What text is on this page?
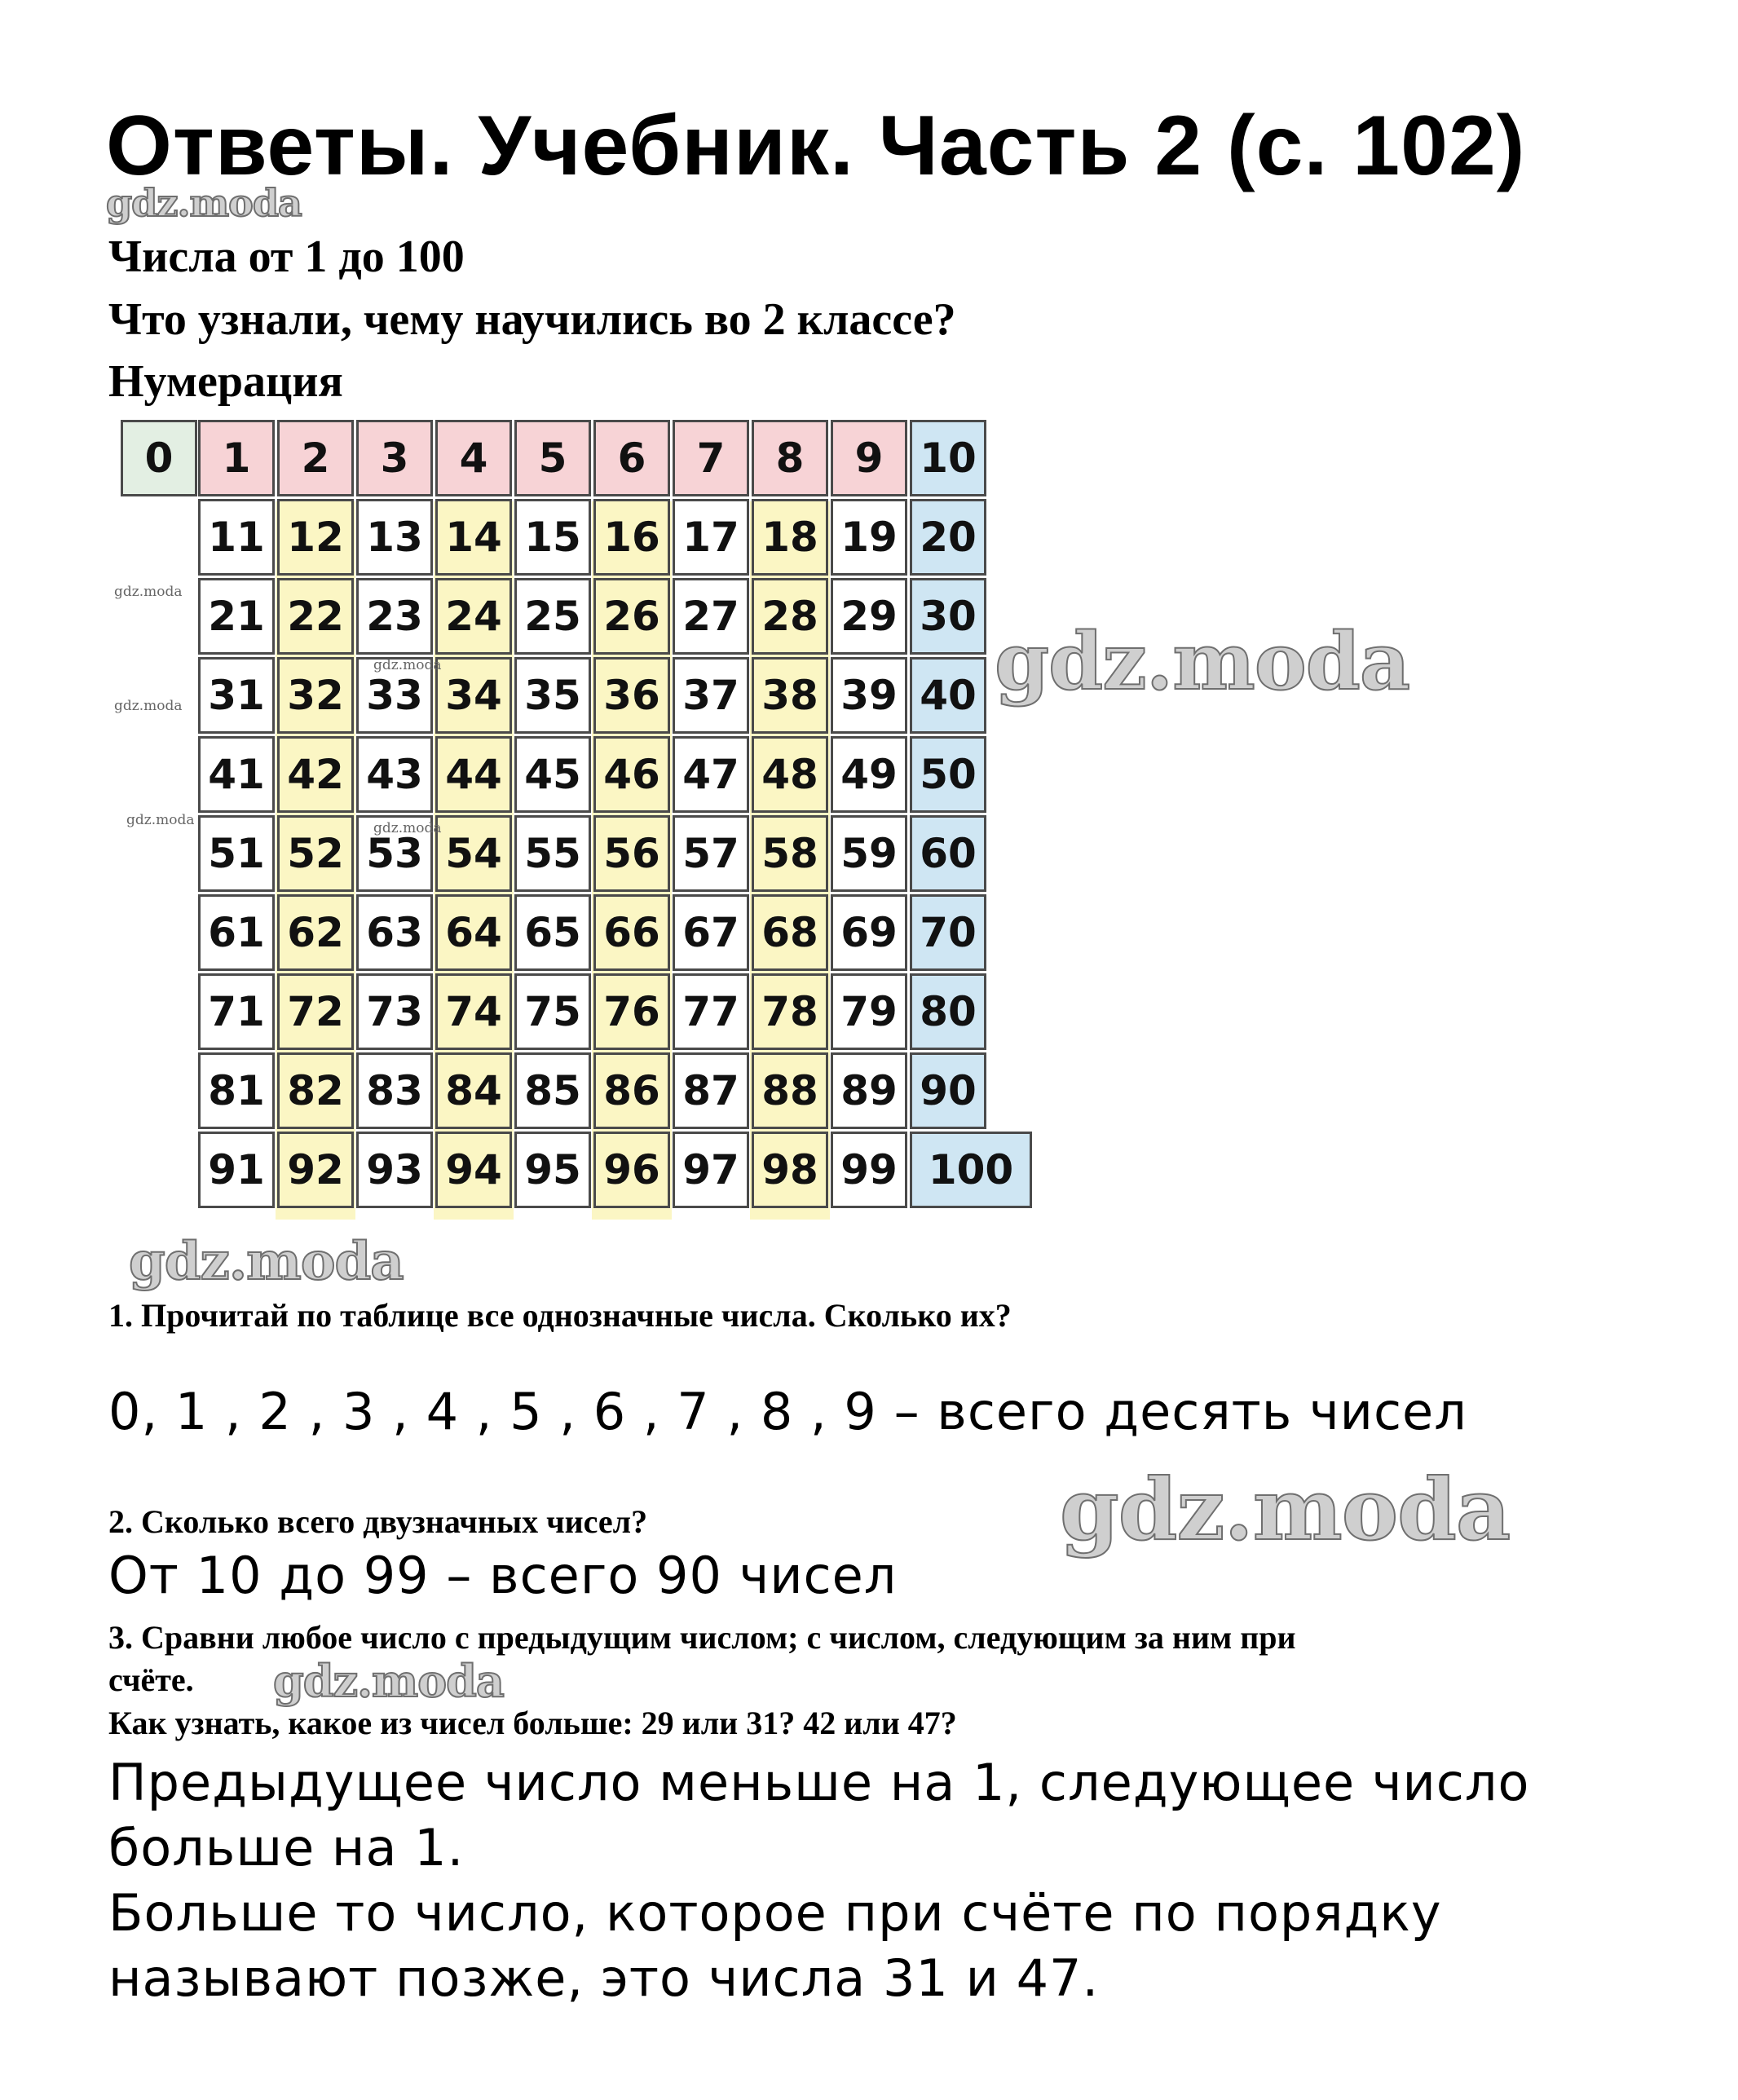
Ответы. Учебник. Часть 2 (с. 102)
gdz.moda
Числа от 1 до 100
Что узнали, чему научились во 2 классе?
Нумерация
0	1	2	3	4	5	6	7	8	9 10
11 12 13 14 15 16 17 18 19 20
21 22 23 24 25 26 27 28 29 30
31 32 33 34 35 36 37 38 39 40
41 42 43 44 45 46 47 48 49 50
51 52 53 54 55 56 57 58 59 60
61 62 63 64 65 66 67 68 69 70
71 72 73 74 75 76 77 78 79 80
81 82 83 84 85 86 87 88 89 90
91 92 93 94 95 96 97 98 99 100
gdz.moda
gdz.moda
gdz.moda
gdz.moda
gdz.moda
gdz.moda
gdz.moda
1. Прочитай по таблице все однозначные числа. Сколько их?
0, 1 , 2 , 3 , 4 , 5 , 6 , 7 , 8 , 9 – всего десять чисел
gdz.moda
2. Сколько всего двузначных чисел?
От 10 до 99 – всего 90 чисел
3. Сравни любое число с предыдущим числом; с числом, следующим за ним при
счёте. gdz.moda
Как узнать, какое из чисел больше: 29 или 31? 42 или 47?
Предыдущее число меньше на 1, следующее число
больше на 1.
Больше то число, которое при счёте по порядку
называют позже, это числа 31 и 47.
